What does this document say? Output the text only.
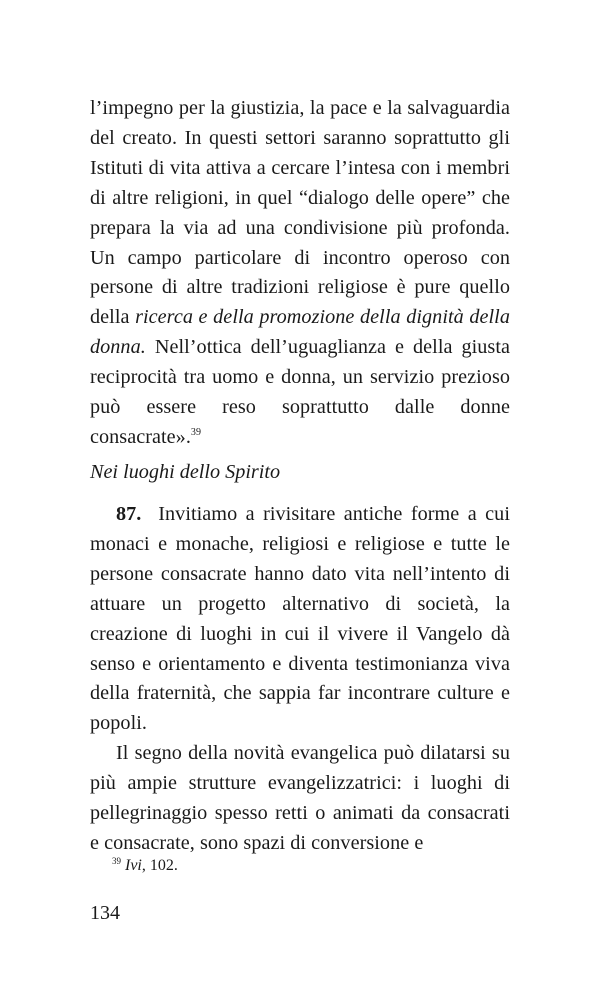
l’impegno per la giustizia, la pace e la salvaguardia del creato. In questi settori saranno soprattutto gli Istituti di vita attiva a cercare l’intesa con i membri di altre religioni, in quel “dialogo delle opere” che prepara la via ad una condivisione più profonda. Un campo particolare di incontro operoso con persone di altre tradizioni religiose è pure quello della ricerca e della promozione della dignità della donna. Nell’ottica dell’uguaglianza e della giusta reciprocità tra uomo e donna, un servizio prezioso può essere reso soprattutto dalle donne consacrate».$^{39}$

Nei luoghi dello Spirito

87. Invitiamo a rivisitare antiche forme a cui monaci e monache, religiosi e religiose e tutte le persone consacrate hanno dato vita nell’intento di attuare un progetto alternativo di società, la creazione di luoghi in cui il vivere il Vangelo dà senso e orientamento e diventa testimonianza viva della fraternità, che sappia far incontrare culture e popoli.

Il segno della novità evangelica può dilatarsi su più ampie strutture evangelizzatrici: i luoghi di pellegrinaggio spesso retti o animati da consacrati e consacrate, sono spazi di conversione e

$^{39}$ Ivi, 102.
134
